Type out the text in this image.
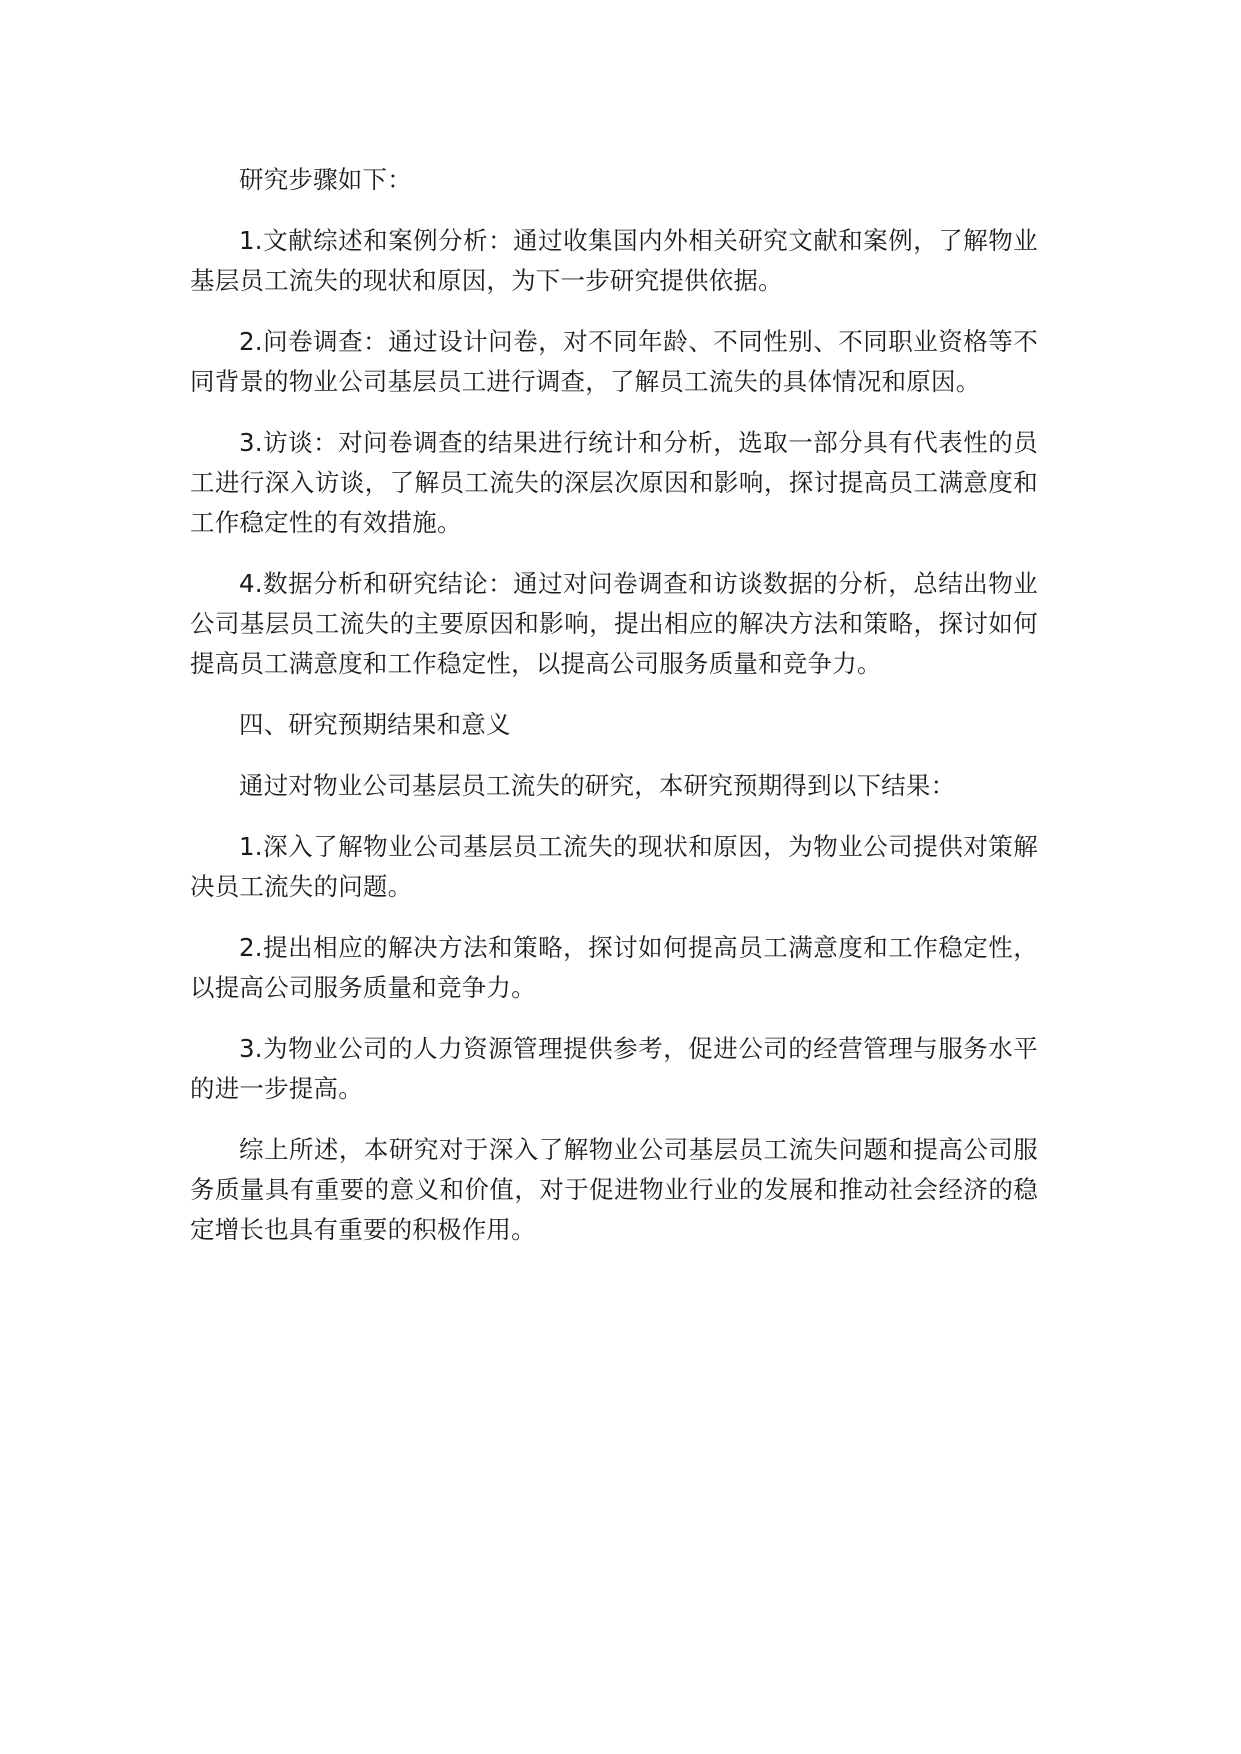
研究步骤如下：

1.文献综述和案例分析：通过收集国内外相关研究文献和案例，了解物业基层员工流失的现状和原因，为下一步研究提供依据。

2.问卷调查：通过设计问卷，对不同年龄、不同性别、不同职业资格等不同背景的物业公司基层员工进行调查，了解员工流失的具体情况和原因。

3.访谈：对问卷调查的结果进行统计和分析，选取一部分具有代表性的员工进行深入访谈，了解员工流失的深层次原因和影响，探讨提高员工满意度和工作稳定性的有效措施。

4.数据分析和研究结论：通过对问卷调查和访谈数据的分析，总结出物业公司基层员工流失的主要原因和影响，提出相应的解决方法和策略，探讨如何提高员工满意度和工作稳定性，以提高公司服务质量和竞争力。

四、研究预期结果和意义

通过对物业公司基层员工流失的研究，本研究预期得到以下结果：

1.深入了解物业公司基层员工流失的现状和原因，为物业公司提供对策解决员工流失的问题。

2.提出相应的解决方法和策略，探讨如何提高员工满意度和工作稳定性，以提高公司服务质量和竞争力。

3.为物业公司的人力资源管理提供参考，促进公司的经营管理与服务水平的进一步提高。

综上所述，本研究对于深入了解物业公司基层员工流失问题和提高公司服务质量具有重要的意义和价值，对于促进物业行业的发展和推动社会经济的稳定增长也具有重要的积极作用。
